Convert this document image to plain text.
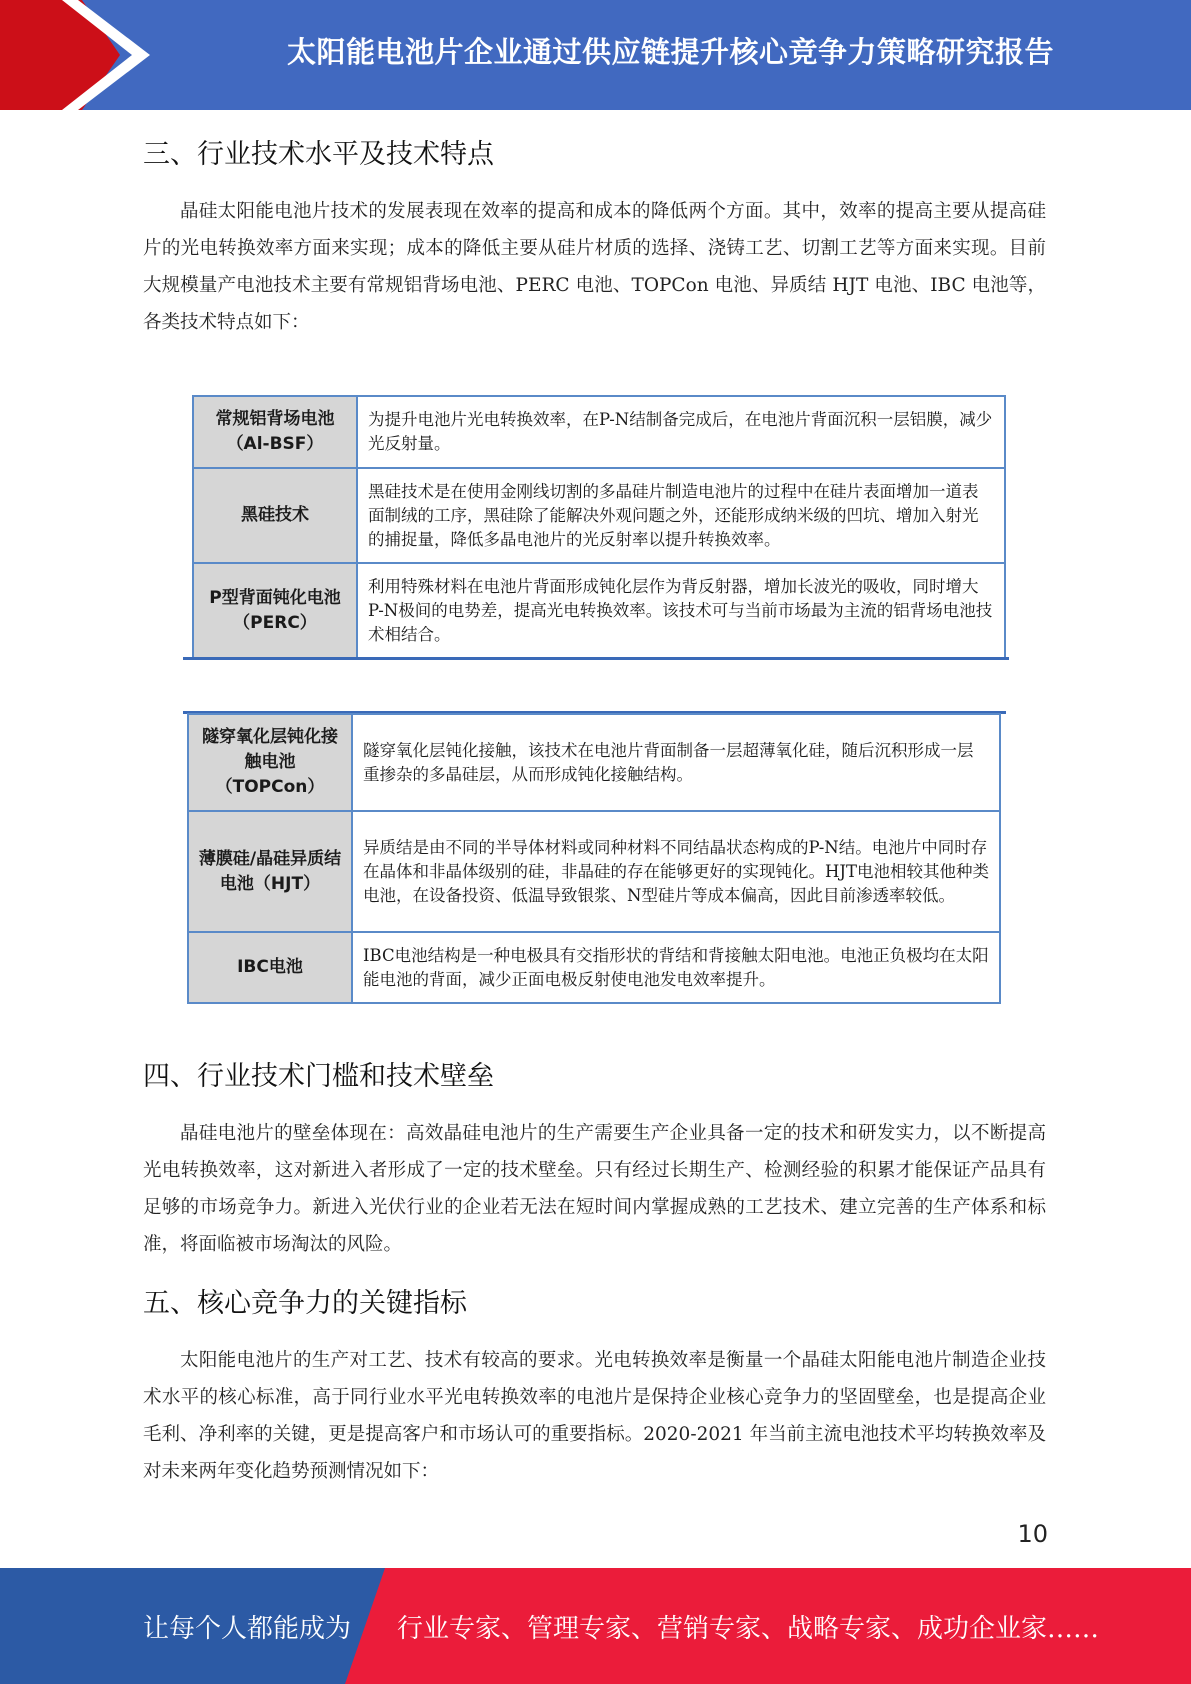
太阳能电池片企业通过供应链提升核心竞争力策略研究报告
三、行业技术水平及技术特点

晶硅太阳能电池片技术的发展表现在效率的提高和成本的降低两个方面。其中，效率的提高主要从提高硅片的光电转换效率方面来实现；成本的降低主要从硅片材质的选择、浇铸工艺、切割工艺等方面来实现。目前大规模量产电池技术主要有常规铝背场电池、PERC 电池、TOPCon 电池、异质结 HJT 电池、IBC 电池等，各类技术特点如下：

常规铝背场电池（Al-BSF）	为提升电池片光电转换效率，在P-N结制备完成后，在电池片背面沉积一层铝膜，减少光反射量。
黑硅技术	黑硅技术是在使用金刚线切割的多晶硅片制造电池片的过程中在硅片表面增加一道表面制绒的工序，黑硅除了能解决外观问题之外，还能形成纳米级的凹坑、增加入射光的捕捉量，降低多晶电池片的光反射率以提升转换效率。
P型背面钝化电池（PERC）	利用特殊材料在电池片背面形成钝化层作为背反射器，增加长波光的吸收，同时增大P-N极间的电势差，提高光电转换效率。该技术可与当前市场最为主流的铝背场电池技术相结合。
隧穿氧化层钝化接触电池（TOPCon）	隧穿氧化层钝化接触，该技术在电池片背面制备一层超薄氧化硅，随后沉积形成一层重掺杂的多晶硅层，从而形成钝化接触结构。
薄膜硅/晶硅异质结电池（HJT）	异质结是由不同的半导体材料或同种材料不同结晶状态构成的P-N结。电池片中同时存在晶体和非晶体级别的硅，非晶硅的存在能够更好的实现钝化。HJT电池相较其他种类电池，在设备投资、低温导致银浆、N型硅片等成本偏高，因此目前渗透率较低。
IBC电池	IBC电池结构是一种电极具有交指形状的背结和背接触太阳电池。电池正负极均在太阳能电池的背面，减少正面电极反射使电池发电效率提升。
四、行业技术门槛和技术壁垒

晶硅电池片的壁垒体现在：高效晶硅电池片的生产需要生产企业具备一定的技术和研发实力，以不断提高光电转换效率，这对新进入者形成了一定的技术壁垒。只有经过长期生产、检测经验的积累才能保证产品具有足够的市场竞争力。新进入光伏行业的企业若无法在短时间内掌握成熟的工艺技术、建立完善的生产体系和标准，将面临被市场淘汰的风险。

五、核心竞争力的关键指标

太阳能电池片的生产对工艺、技术有较高的要求。光电转换效率是衡量一个晶硅太阳能电池片制造企业技术水平的核心标准，高于同行业水平光电转换效率的电池片是保持企业核心竞争力的坚固壁垒，也是提高企业毛利、净利率的关键，更是提高客户和市场认可的重要指标。2020-2021 年当前主流电池技术平均转换效率及对未来两年变化趋势预测情况如下：

10
让每个人都能成为 行业专家、管理专家、营销专家、战略专家、成功企业家……
